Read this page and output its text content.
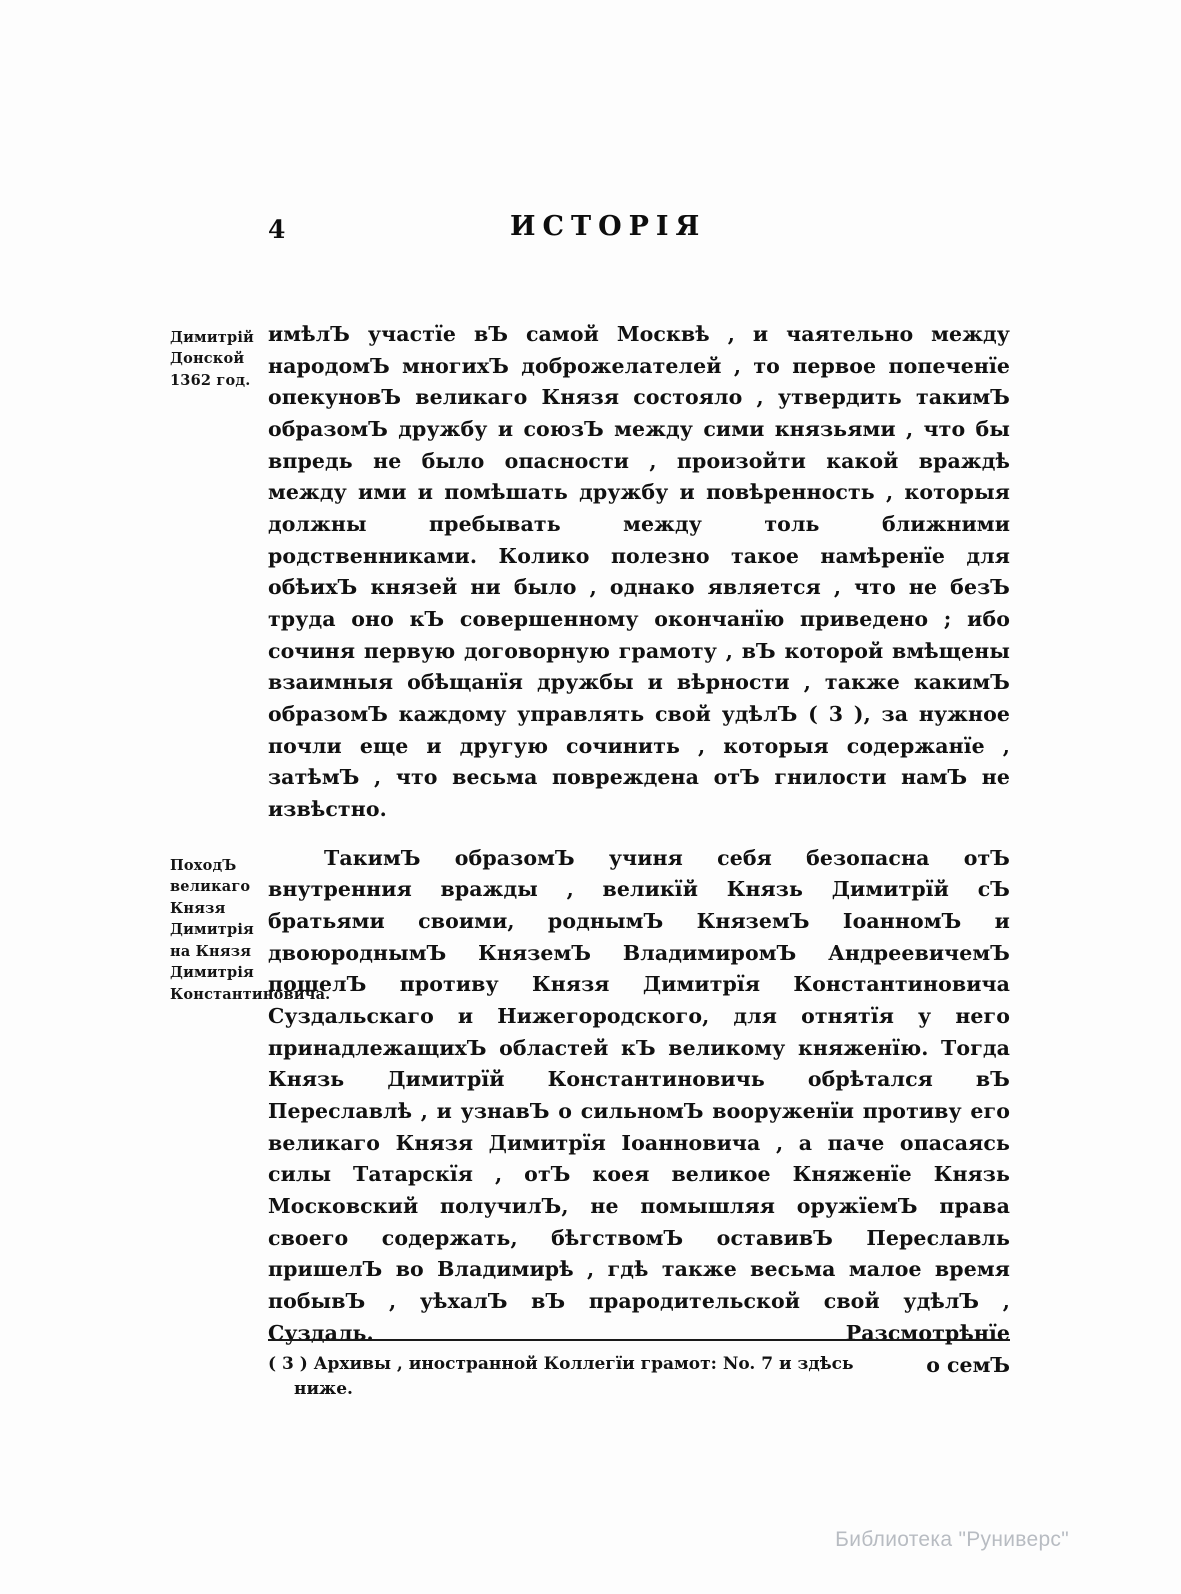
4	ИСТОРІЯ
Димитрій Донской 1362 год.
ПоходЪ великаго Князя Димитрія на Князя Димитрія Константиновича.

имѣлЪ участїе вЪ самой Москвѣ , и чаятельно между народомЪ многихЪ доброжелателей , то первое попеченїе опекуновЪ великаго Князя состояло , утвердить такимЪ образомЪ дружбу и союзЪ между сими князьями , что бы впредь не было опасности , произойти какой враждѣ между ими и помѣшать дружбу и повѣренность , которыя должны пребывать между толь ближними родственниками. Колико полезно такое намѣренїе для обѣихЪ князей ни было , однако является , что не безЪ труда оно кЪ совершенному окончанїю приведено ; ибо сочиня первую договорную грамоту , вЪ которой вмѣщены взаимныя обѣщанїя дружбы и вѣрности , также какимЪ образомЪ каждому управлять свой удѣлЪ ( 3 ), за нужное почли еще и другую сочинить , которыя содержанїе , затѣмЪ , что весьма повреждена отЪ гнилости намЪ не извѣстно.

ТакимЪ образомЪ учиня себя безопасна отЪ внутренния вражды , великїй Князь Димитрїй сЪ братьями своими, роднымЪ КняземЪ ІоанномЪ и двоюроднымЪ КняземЪ ВладимиромЪ АндреевичемЪ пошелЪ противу Князя Димитрїя Константиновича Суздальскаго и Нижегородского, для отнятїя у него принадлежащихЪ областей кЪ великому княженїю. Тогда Князь Димитрїй Константиновичь обрѣтался вЪ Переславлѣ , и узнавЪ о сильномЪ вооруженїи противу его великаго Князя Димитрїя Іоанновича , а паче опасаясь силы Татарскїя , отЪ коея великое Княженїе Князь Московский получилЪ, не помышляя оружїемЪ права своего содержать, бѣгствомЪ оставивЪ Переславль пришелЪ во Владимирѣ , гдѣ также весьма малое время побывЪ , уѣхалЪ вЪ прародительской свой удѣлЪ , Суздаль. Разсмотрѣнїе

о семЪ
( 3 ) Архивы , иностранной Коллегїи грамот: No. 7 и здѣсь
ниже.
Библиотека "Руниверс"
